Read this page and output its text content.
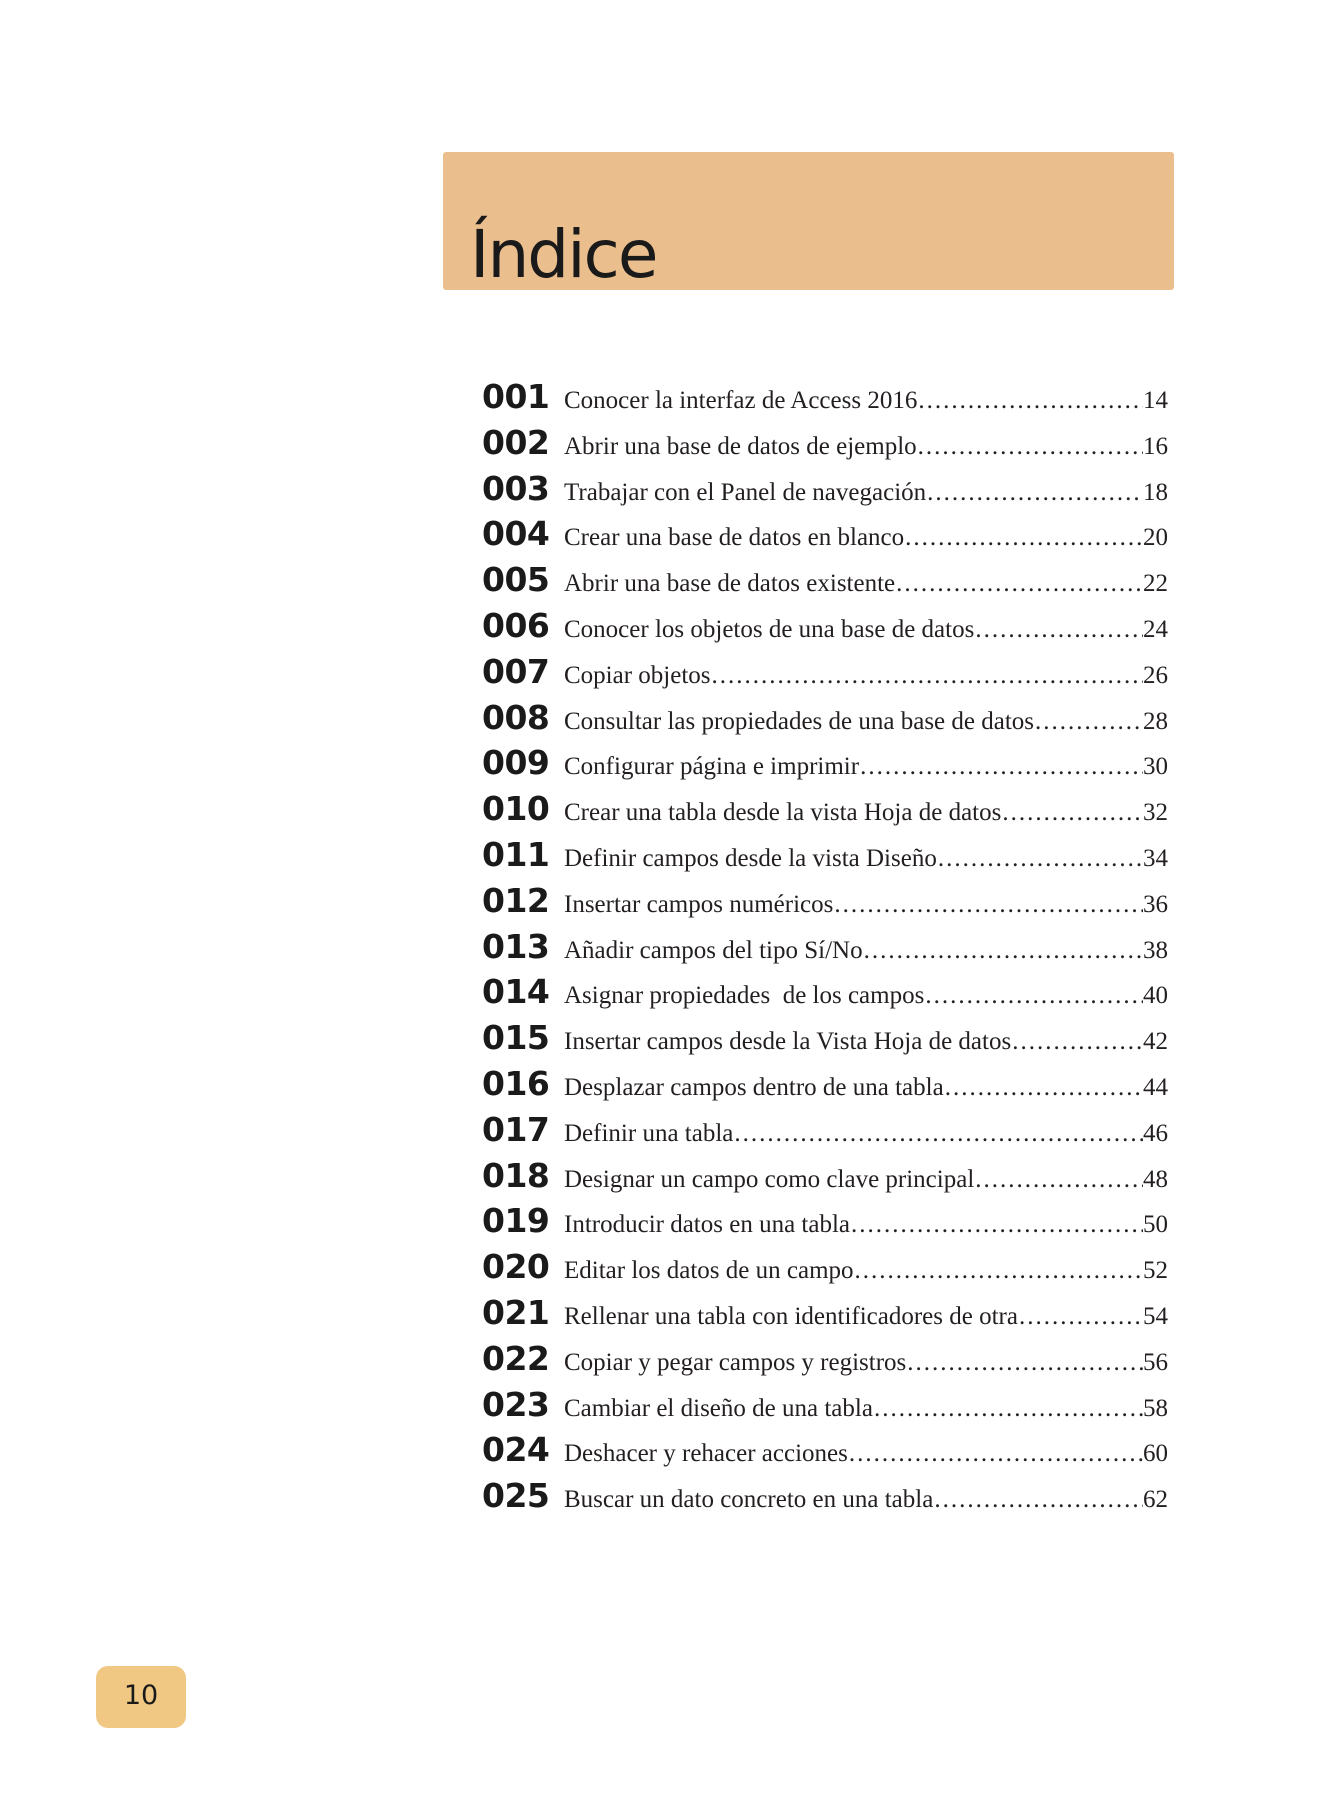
Índice
001 Conocer la interfaz de Access 2016 .....	14
002 Abrir una base de datos de ejemplo .....	16
003 Trabajar con el Panel de navegación .....	18
004 Crear una base de datos en blanco .....	20
005 Abrir una base de datos existente .....	22
006 Conocer los objetos de una base de datos .....	24
007 Copiar objetos .....	26
008 Consultar las propiedades de una base de datos .....	28
009 Configurar página e imprimir .....	30
010 Crear una tabla desde la vista Hoja de datos .....	32
011 Definir campos desde la vista Diseño .....	34
012 Insertar campos numéricos .....	36
013 Añadir campos del tipo Sí/No .....	38
014 Asignar propiedades  de los campos .....	40
015 Insertar campos desde la Vista Hoja de datos .....	42
016 Desplazar campos dentro de una tabla .....	44
017 Definir una tabla .....	46
018 Designar un campo como clave principal .....	48
019 Introducir datos en una tabla .....	50
020 Editar los datos de un campo .....	52
021 Rellenar una tabla con identificadores de otra .....	54
022 Copiar y pegar campos y registros .....	56
023 Cambiar el diseño de una tabla .....	58
024 Deshacer y rehacer acciones .....	60
025 Buscar un dato concreto en una tabla .....	62
10
